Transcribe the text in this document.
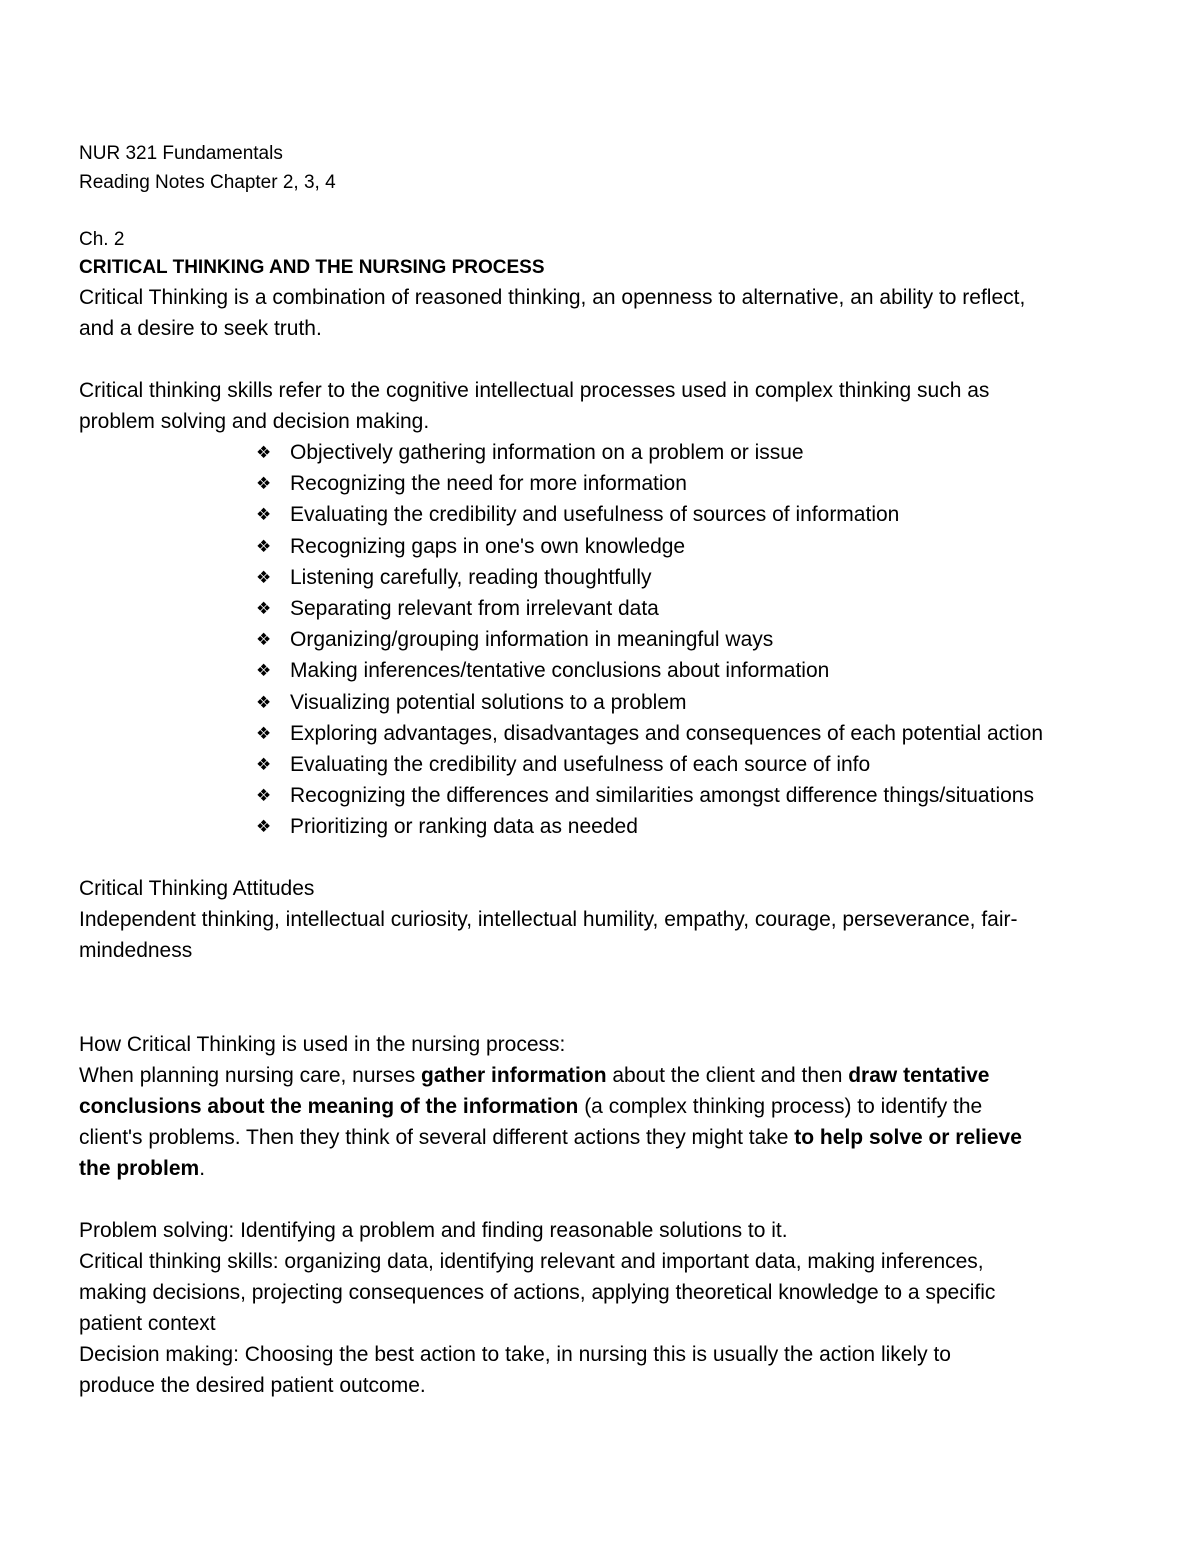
NUR 321 Fundamentals
Reading Notes Chapter 2, 3, 4
Ch. 2
CRITICAL THINKING AND THE NURSING PROCESS
Critical Thinking is a combination of reasoned thinking, an openness to alternative, an ability to reflect,
and a desire to seek truth.
Critical thinking skills refer to the cognitive intellectual processes used in complex thinking such as
problem solving and decision making.
❖ Objectively gathering information on a problem or issue
❖ Recognizing the need for more information
❖ Evaluating the credibility and usefulness of sources of information
❖ Recognizing gaps in one's own knowledge
❖ Listening carefully, reading thoughtfully
❖ Separating relevant from irrelevant data
❖ Organizing/grouping information in meaningful ways
❖ Making inferences/tentative conclusions about information
❖ Visualizing potential solutions to a problem
❖ Exploring advantages, disadvantages and consequences of each potential action
❖ Evaluating the credibility and usefulness of each source of info
❖ Recognizing the differences and similarities amongst difference things/situations
❖ Prioritizing or ranking data as needed
Critical Thinking Attitudes
Independent thinking, intellectual curiosity, intellectual humility, empathy, courage, perseverance, fair-
mindedness
How Critical Thinking is used in the nursing process:
When planning nursing care, nurses gather information about the client and then draw tentative
conclusions about the meaning of the information (a complex thinking process) to identify the
client's problems. Then they think of several different actions they might take to help solve or relieve
the problem.
Problem solving: Identifying a problem and finding reasonable solutions to it.
Critical thinking skills: organizing data, identifying relevant and important data, making inferences,
making decisions, projecting consequences of actions, applying theoretical knowledge to a specific
patient context
Decision making: Choosing the best action to take, in nursing this is usually the action likely to
produce the desired patient outcome.
